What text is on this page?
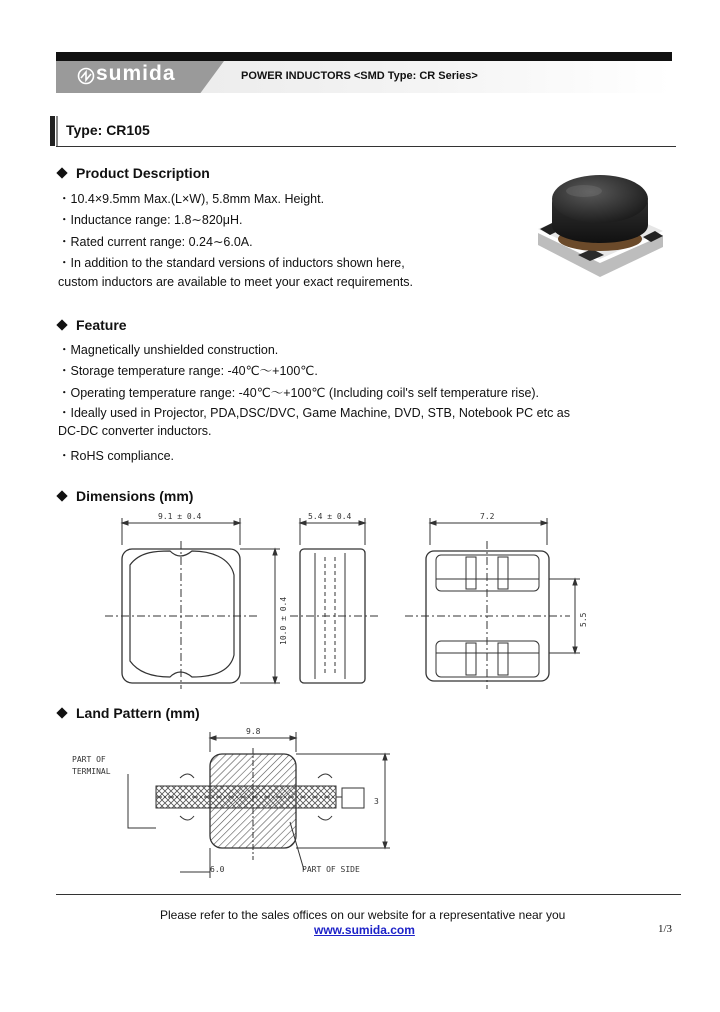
sumida	POWER INDUCTORS <SMD Type: CR Series>
Type: CR105
Product Description
・10.4×9.5mm Max.(L×W), 5.8mm Max. Height.
・Inductance range: 1.8∼820μH.
・Rated current range: 0.24∼6.0A.
・In addition to the standard versions of inductors shown here,
custom inductors are available to meet your exact requirements.
Feature
・Magnetically unshielded construction.
・Storage temperature range: -40℃～+100℃.
・Operating temperature range: -40℃～+100℃ (Including coil's self temperature rise).
・Ideally used in Projector, PDA,DSC/DVC, Game Machine, DVD, STB, Notebook PC etc as
DC-DC converter inductors.
・RoHS compliance.
Dimensions (mm)
9.1 ± 0.4	5.4 ± 0.4	7.2
10.0 ± 0.4	5.5
Land Pattern (mm)
PART OF
TERMINAL
9.8
6.0	PART OF SIDE
3
Please refer to the sales offices on our website for a representative near you
www.sumida.com	1/3
